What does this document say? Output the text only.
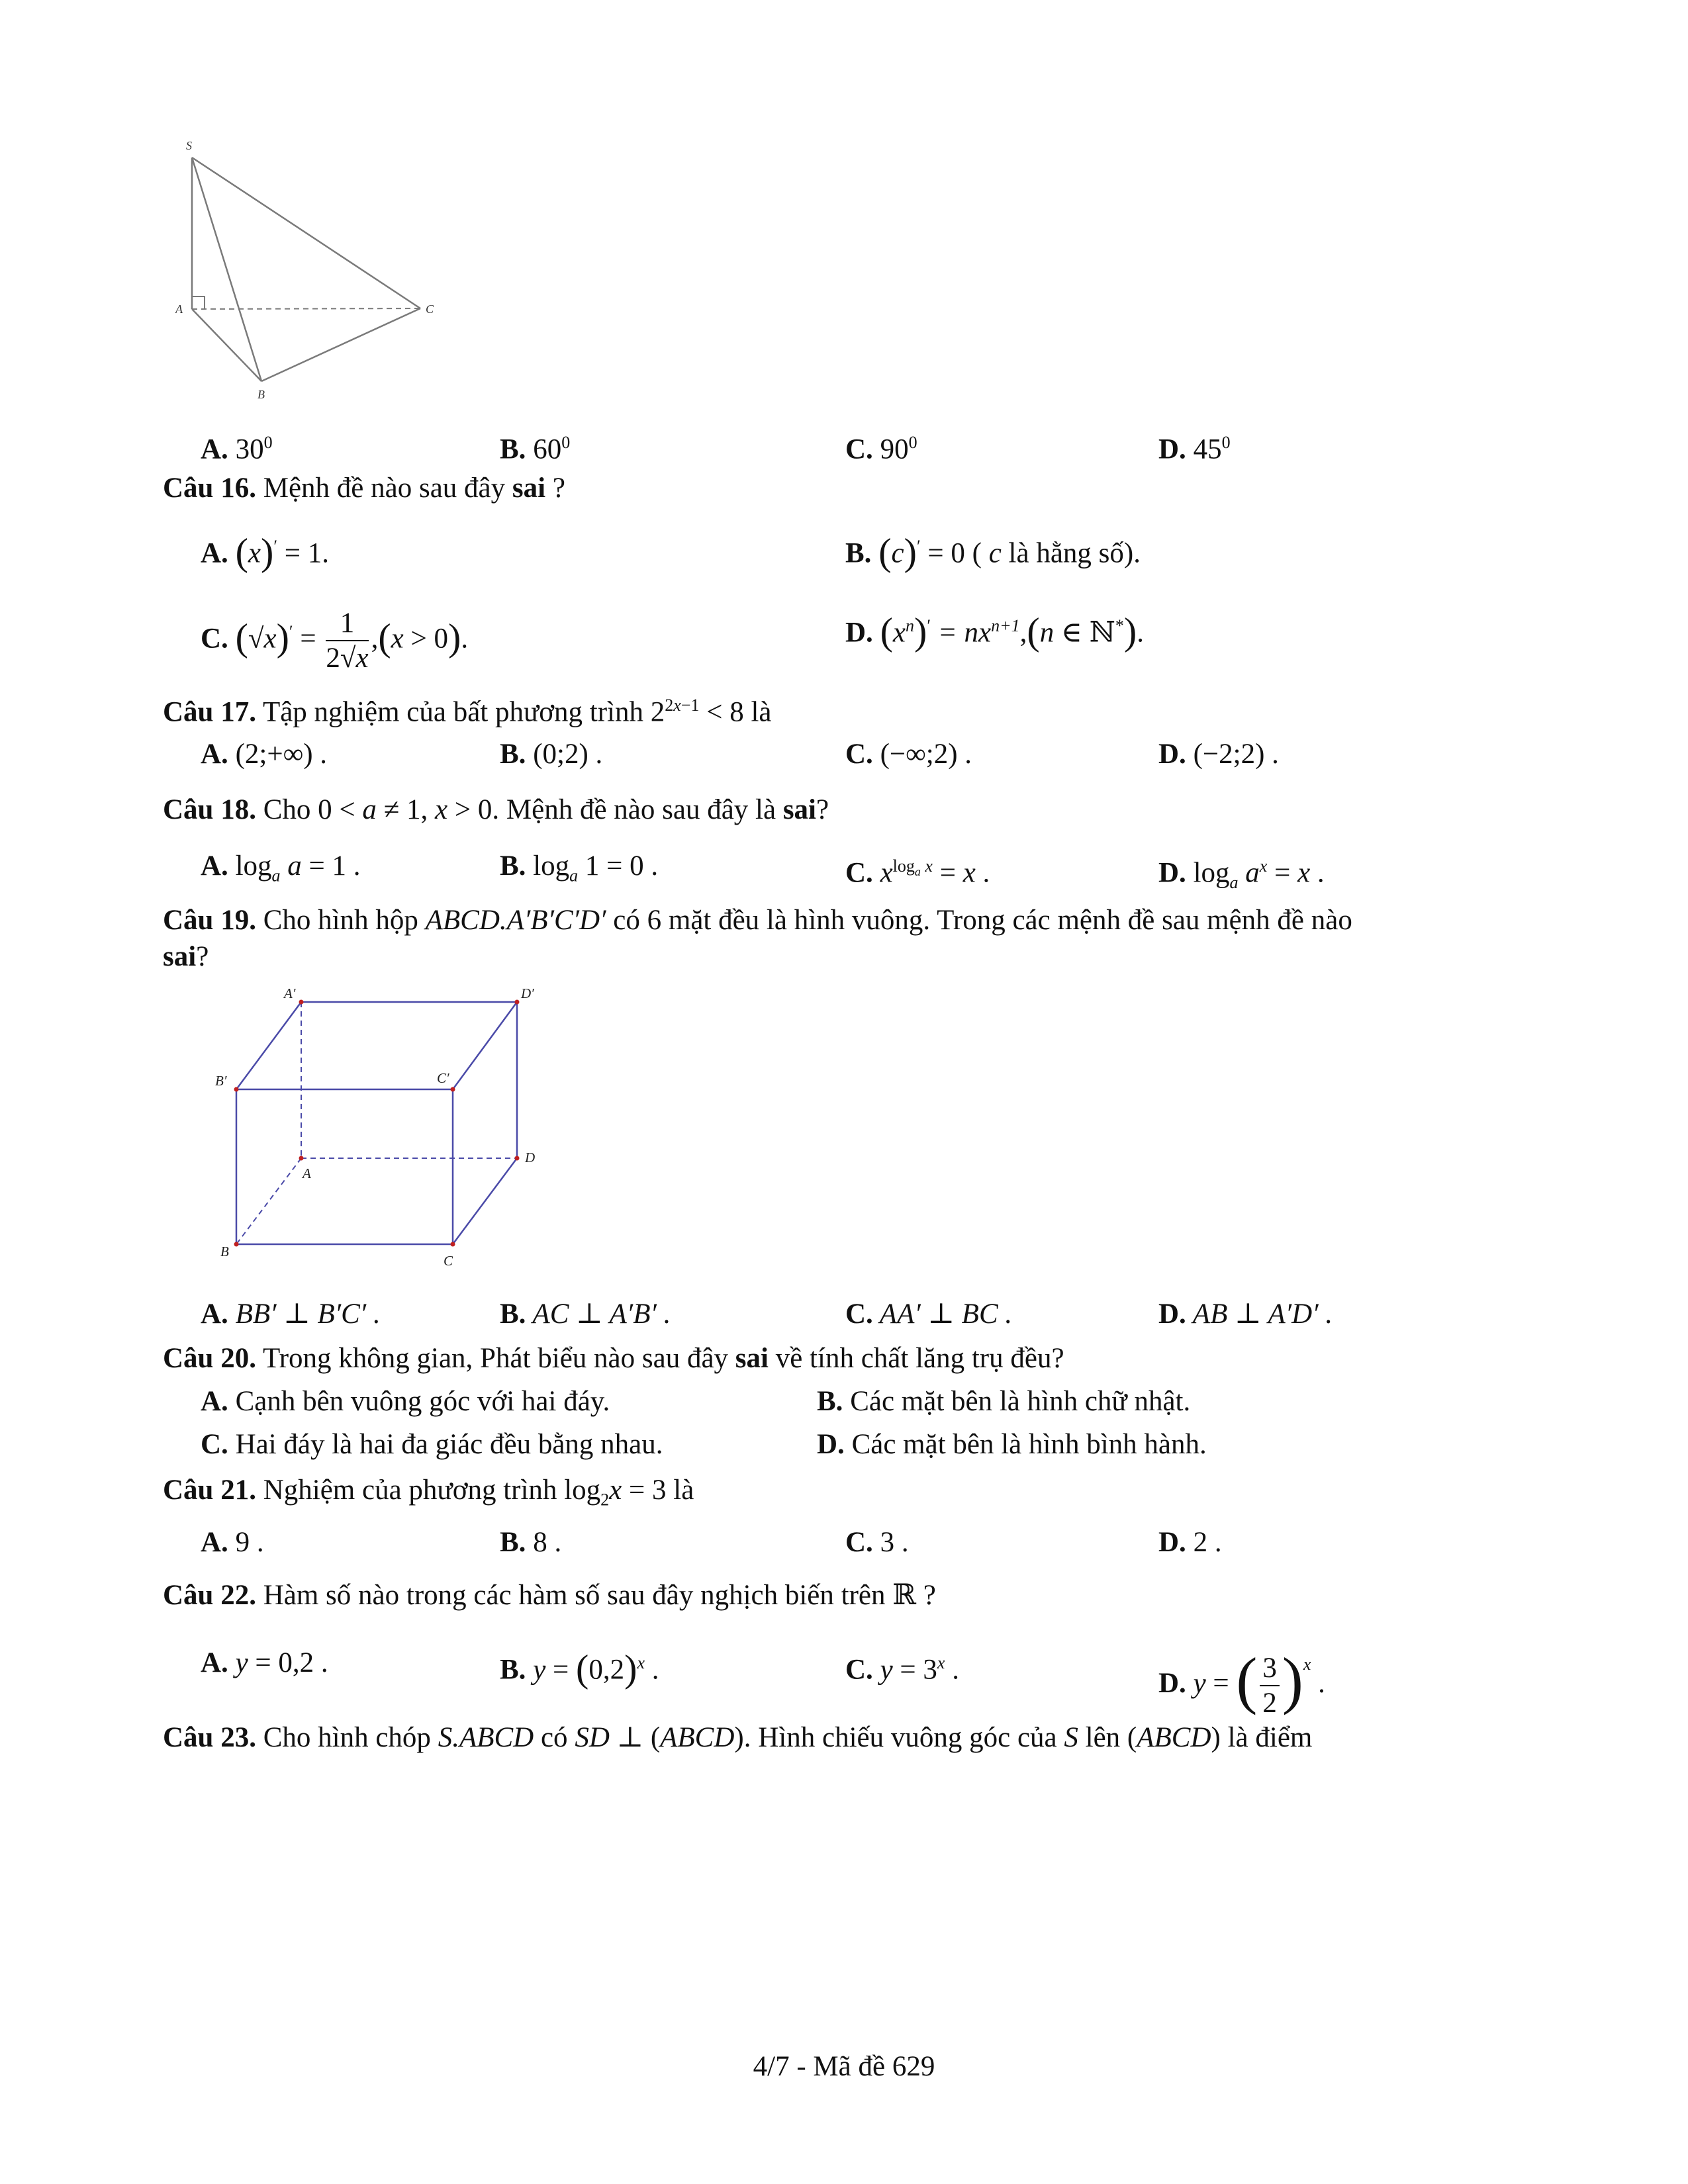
S
A
B
C
A. $30^0$	B. $60^0$	C. $90^0$	D. $45^0$
Câu 16. Mệnh đề nào sau đây sai ?
A. (x)′ = 1.	B. (c)′ = 0 ( c là hằng số).
C. $(√x)' = \frac{1}{2√x} ,(x > 0)$.	D. $(x^n)' = nx^{n+1},(n$ ∈ ℕ*).
Câu 17. Tập nghiệm của bất phương trình $2^{2x-1} < 8$ là
A. (2;+∞) .	B. (0;2) .	C. (−∞;2) .	D. (−2;2) .
Câu 18. Cho 0 < a ≠ 1, x > 0. Mệnh đề nào sau đây là sai?
A. $\log_a a = 1$ .	B. $\log_a 1 = 0$ .	C. $x^{log_a x} = x$ .	D. $\log_a a^x = x$ .
Câu 19. Cho hình hộp ABCD.A′B′C′D′ có 6 mặt đều là hình vuông. Trong các mệnh đề sau mệnh đề nào
sai?
A′	D′
B′	C′
A
D
B
C
A. BB′ ⊥ B′C′ .	B. AC ⊥ A′B′ .	C. AA′ ⊥ BC .	D. AB ⊥ A′D′ .
Câu 20. Trong không gian, Phát biểu nào sau đây sai về tính chất lăng trụ đều?
A. Cạnh bên vuông góc với hai đáy.	B. Các mặt bên là hình chữ nhật.
C. Hai đáy là hai đa giác đều bằng nhau.	D. Các mặt bên là hình bình hành.
Câu 21. Nghiệm của phương trình $\log_2x = 3$ là
A. 9 .	B. 8 .	C. 3 .	D. 2 .
Câu 22. Hàm số nào trong các hàm số sau đây nghịch biến trên ℝ ?
A. y = 0,2 .	B. $y = (0,2)^x$ .	C. $y = 3^x$ .	D. y = ( $\frac{3}{2} )^x$ .
Câu 23. Cho hình chóp S.ABCD có SD ⊥ (ABCD). Hình chiếu vuông góc của S lên (ABCD) là điểm
4/7 - Mã đề 629
